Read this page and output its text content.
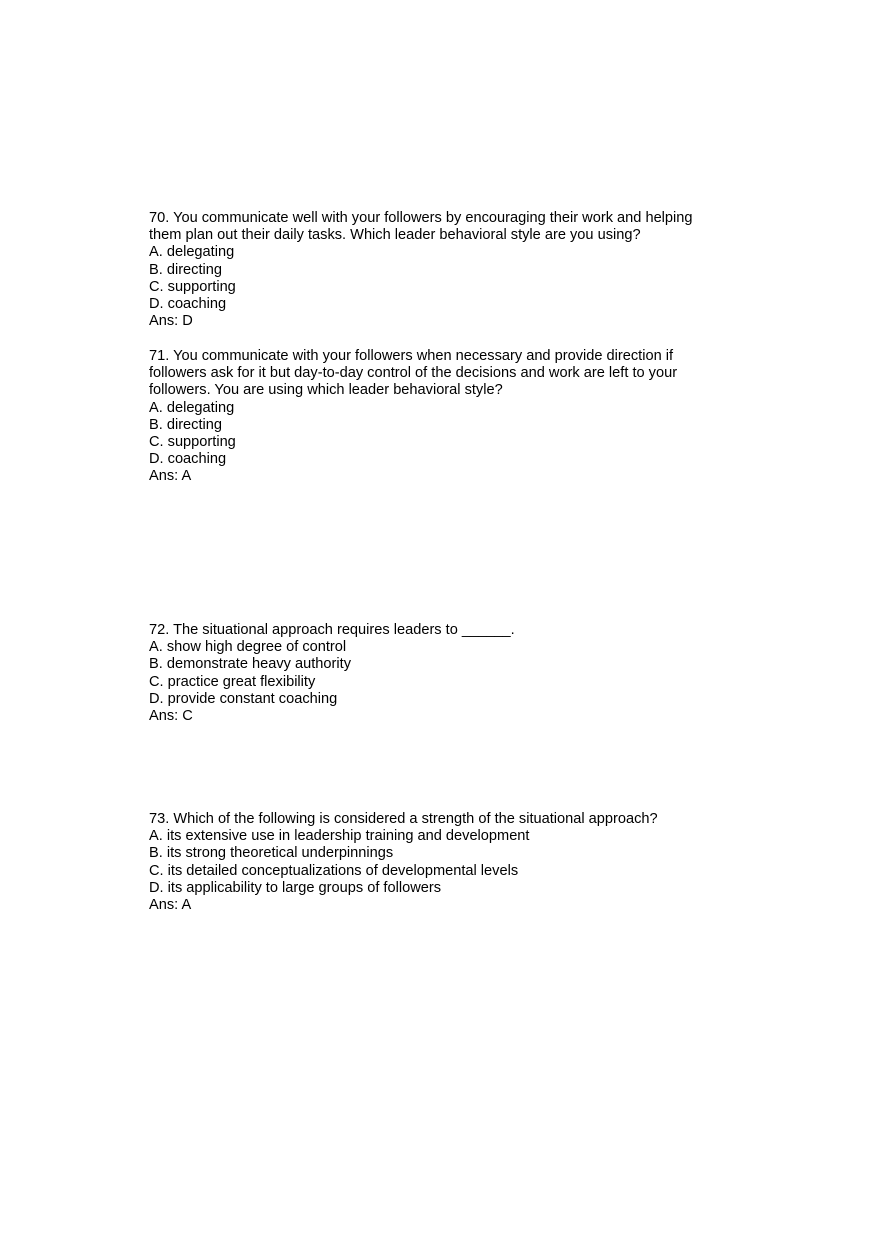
70. You communicate well with your followers by encouraging their work and helping
them plan out their daily tasks. Which leader behavioral style are you using?
A. delegating
B. directing
C. supporting
D. coaching
Ans: D
71. You communicate with your followers when necessary and provide direction if
followers ask for it but day-to-day control of the decisions and work are left to your
followers. You are using which leader behavioral style?
A. delegating
B. directing
C. supporting
D. coaching
Ans: A
72. The situational approach requires leaders to ______.
A. show high degree of control
B. demonstrate heavy authority
C. practice great flexibility
D. provide constant coaching
Ans: C
73. Which of the following is considered a strength of the situational approach?
A. its extensive use in leadership training and development
B. its strong theoretical underpinnings
C. its detailed conceptualizations of developmental levels
D. its applicability to large groups of followers
Ans: A
